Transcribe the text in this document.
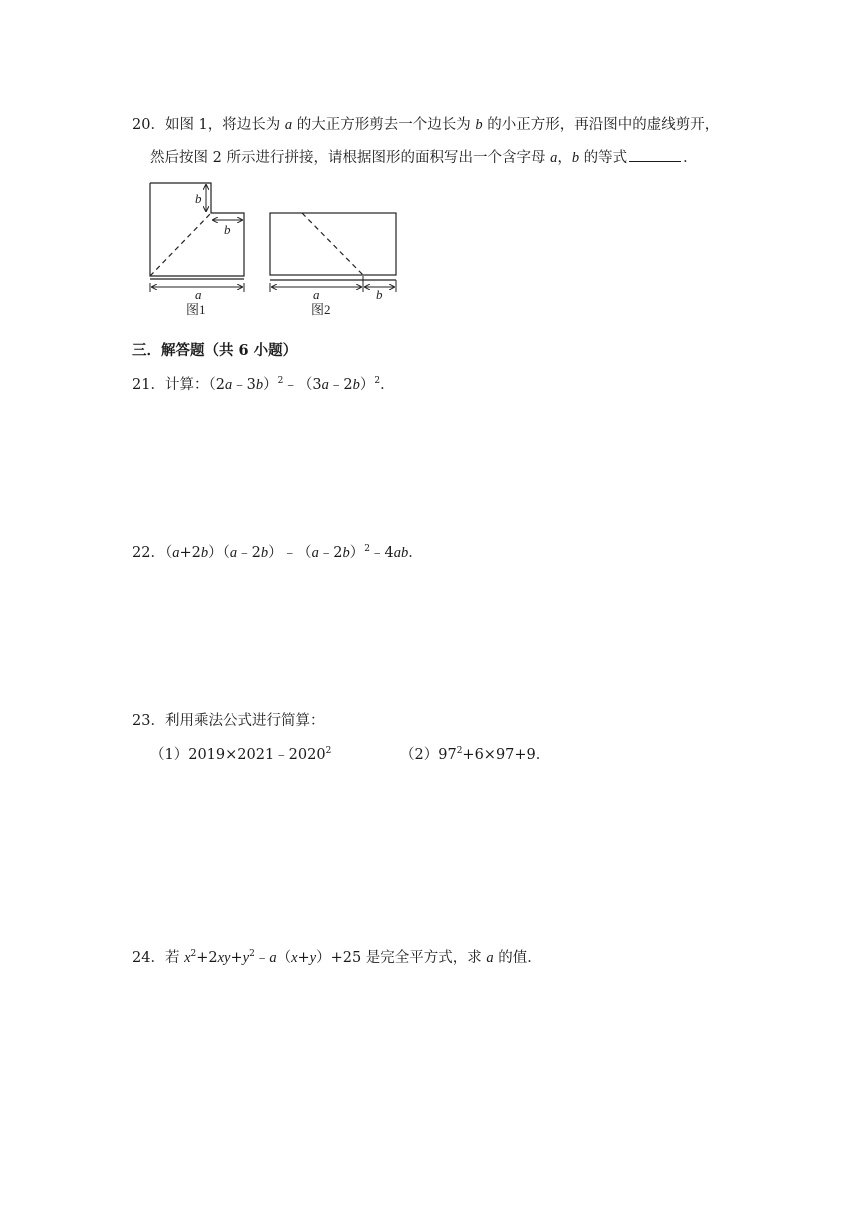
20．如图 1，将边长为 a 的大正方形剪去一个边长为 b 的小正方形，再沿图中的虚线剪开，
然后按图 2 所示进行拼接，请根据图形的面积写出一个含字母 a，b 的等式	．
b
b
a
图1
a	b
图2
三．解答题（共 6 小题）
21．计算：（2a﹣3b）$^2$﹣（3a﹣2b）$^2$．
22．（a+2b）（a﹣2b）﹣（a﹣2b）$^2$﹣4ab．
23．利用乘法公式进行简算：
$(1)2019\times 2021﹣2020^2$	$(2)97^2+6\times 97+9$．
24．若 $x^2+2xy+y^2﹣a(x+y)+25$ 是完全平方式，求 a 的值．
